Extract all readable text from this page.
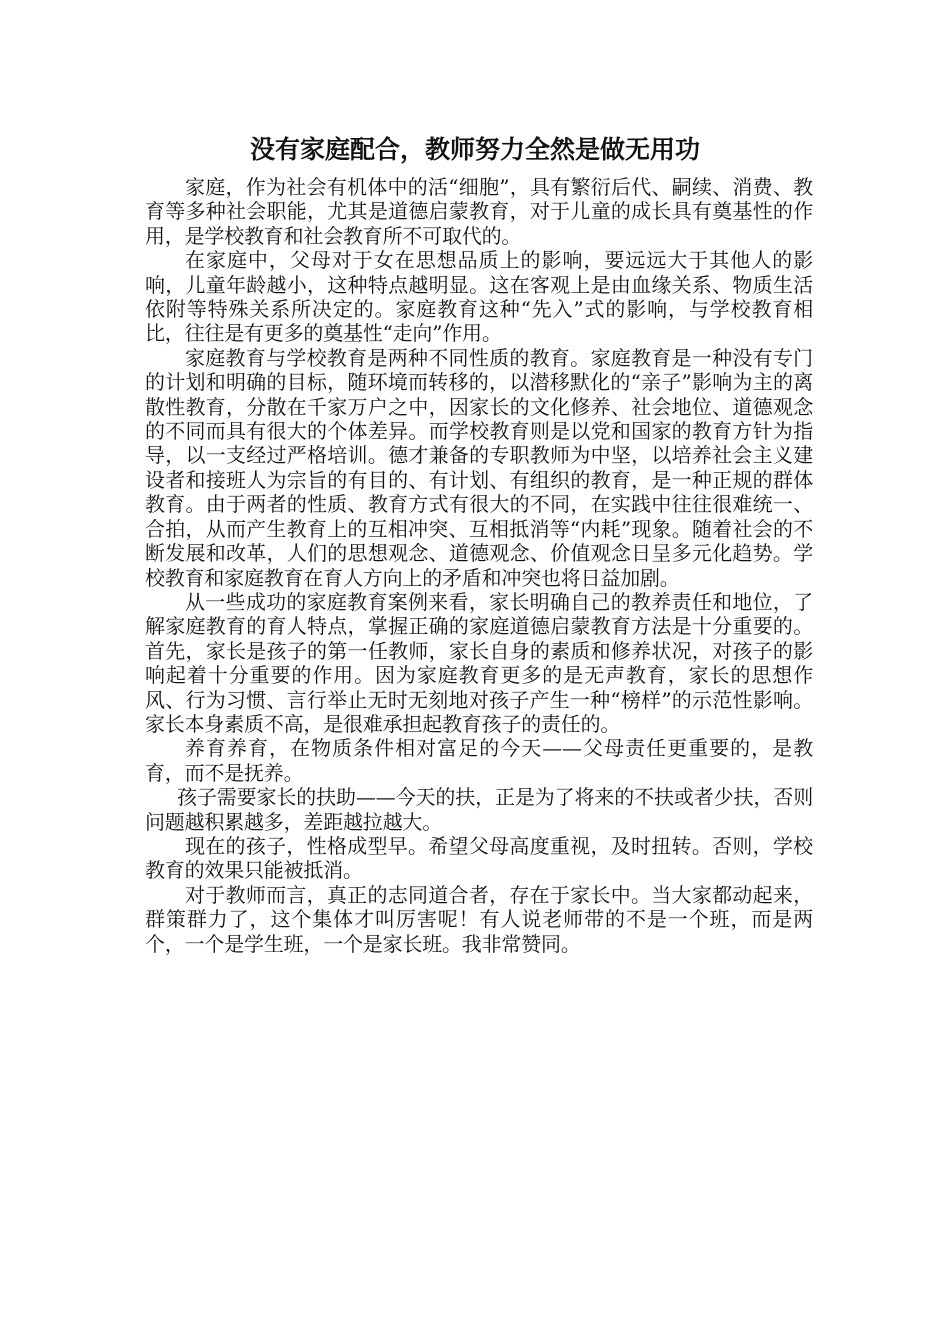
没有家庭配合，教师努力全然是做无用功

家庭，作为社会有机体中的活“细胞”，具有繁衍后代、嗣续、消费、教育等多种社会职能，尤其是道德启蒙教育，对于儿童的成长具有奠基性的作用，是学校教育和社会教育所不可取代的。

在家庭中，父母对于女在思想品质上的影响，要远远大于其他人的影响，儿童年龄越小，这种特点越明显。这在客观上是由血缘关系、物质生活依附等特殊关系所决定的。家庭教育这种“先入”式的影响，与学校教育相比，往往是有更多的奠基性“走向”作用。

家庭教育与学校教育是两种不同性质的教育。家庭教育是一种没有专门的计划和明确的目标，随环境而转移的，以潜移默化的“亲子”影响为主的离散性教育，分散在千家万户之中，因家长的文化修养、社会地位、道德观念的不同而具有很大的个体差异。而学校教育则是以党和国家的教育方针为指导，以一支经过严格培训。德才兼备的专职教师为中坚，以培养社会主义建设者和接班人为宗旨的有目的、有计划、有组织的教育，是一种正规的群体教育。由于两者的性质、教育方式有很大的不同，在实践中往往很难统一、合拍，从而产生教育上的互相冲突、互相抵消等“内耗”现象。随着社会的不断发展和改革，人们的思想观念、道德观念、价值观念日呈多元化趋势。学校教育和家庭教育在育人方向上的矛盾和冲突也将日益加剧。

从一些成功的家庭教育案例来看，家长明确自己的教养责任和地位，了解家庭教育的育人特点，掌握正确的家庭道德启蒙教育方法是十分重要的。 首先，家长是孩子的第一任教师，家长自身的素质和修养状况，对孩子的影响起着十分重要的作用。因为家庭教育更多的是无声教育，家长的思想作风、行为习惯、言行举止无时无刻地对孩子产生一种“榜样”的示范性影响。家长本身素质不高，是很难承担起教育孩子的责任的。

养育养育，在物质条件相对富足的今天——父母责任更重要的，是教育，而不是抚养。

孩子需要家长的扶助——今天的扶，正是为了将来的不扶或者少扶，否则问题越积累越多，差距越拉越大。

现在的孩子，性格成型早。希望父母高度重视，及时扭转。否则，学校教育的效果只能被抵消。

对于教师而言，真正的志同道合者，存在于家长中。当大家都动起来，群策群力了，这个集体才叫厉害呢！有人说老师带的不是一个班，而是两个，一个是学生班，一个是家长班。我非常赞同。
